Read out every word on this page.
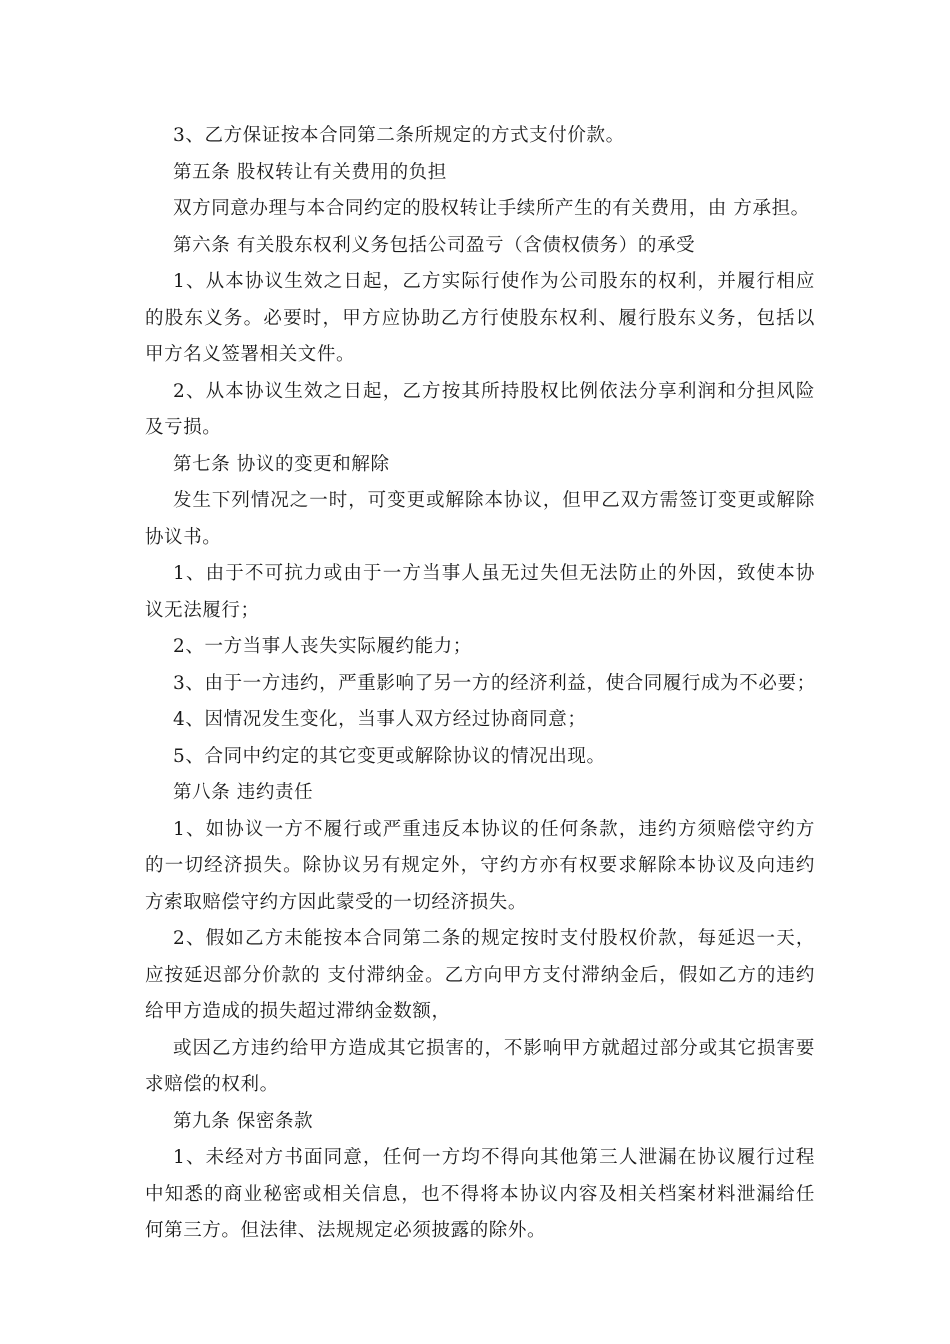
3、乙方保证按本合同第二条所规定的方式支付价款。
第五条 股权转让有关费用的负担
双方同意办理与本合同约定的股权转让手续所产生的有关费用，由 方承担。
第六条 有关股东权利义务包括公司盈亏（含债权债务）的承受
1、从本协议生效之日起，乙方实际行使作为公司股东的权利，并履行相应
的股东义务。必要时，甲方应协助乙方行使股东权利、履行股东义务，包括以
甲方名义签署相关文件。
2、从本协议生效之日起，乙方按其所持股权比例依法分享利润和分担风险
及亏损。
第七条 协议的变更和解除
发生下列情况之一时，可变更或解除本协议，但甲乙双方需签订变更或解除
协议书。
1、由于不可抗力或由于一方当事人虽无过失但无法防止的外因，致使本协
议无法履行；
2、一方当事人丧失实际履约能力；
3、由于一方违约，严重影响了另一方的经济利益，使合同履行成为不必要；
4、因情况发生变化，当事人双方经过协商同意；
5、合同中约定的其它变更或解除协议的情况出现。
第八条 违约责任
1、如协议一方不履行或严重违反本协议的任何条款，违约方须赔偿守约方
的一切经济损失。除协议另有规定外，守约方亦有权要求解除本协议及向违约
方索取赔偿守约方因此蒙受的一切经济损失。
2、假如乙方未能按本合同第二条的规定按时支付股权价款，每延迟一天，
应按延迟部分价款的 支付滞纳金。乙方向甲方支付滞纳金后，假如乙方的违约
给甲方造成的损失超过滞纳金数额，
或因乙方违约给甲方造成其它损害的，不影响甲方就超过部分或其它损害要
求赔偿的权利。
第九条 保密条款
1、未经对方书面同意，任何一方均不得向其他第三人泄漏在协议履行过程
中知悉的商业秘密或相关信息，也不得将本协议内容及相关档案材料泄漏给任
何第三方。但法律、法规规定必须披露的除外。
